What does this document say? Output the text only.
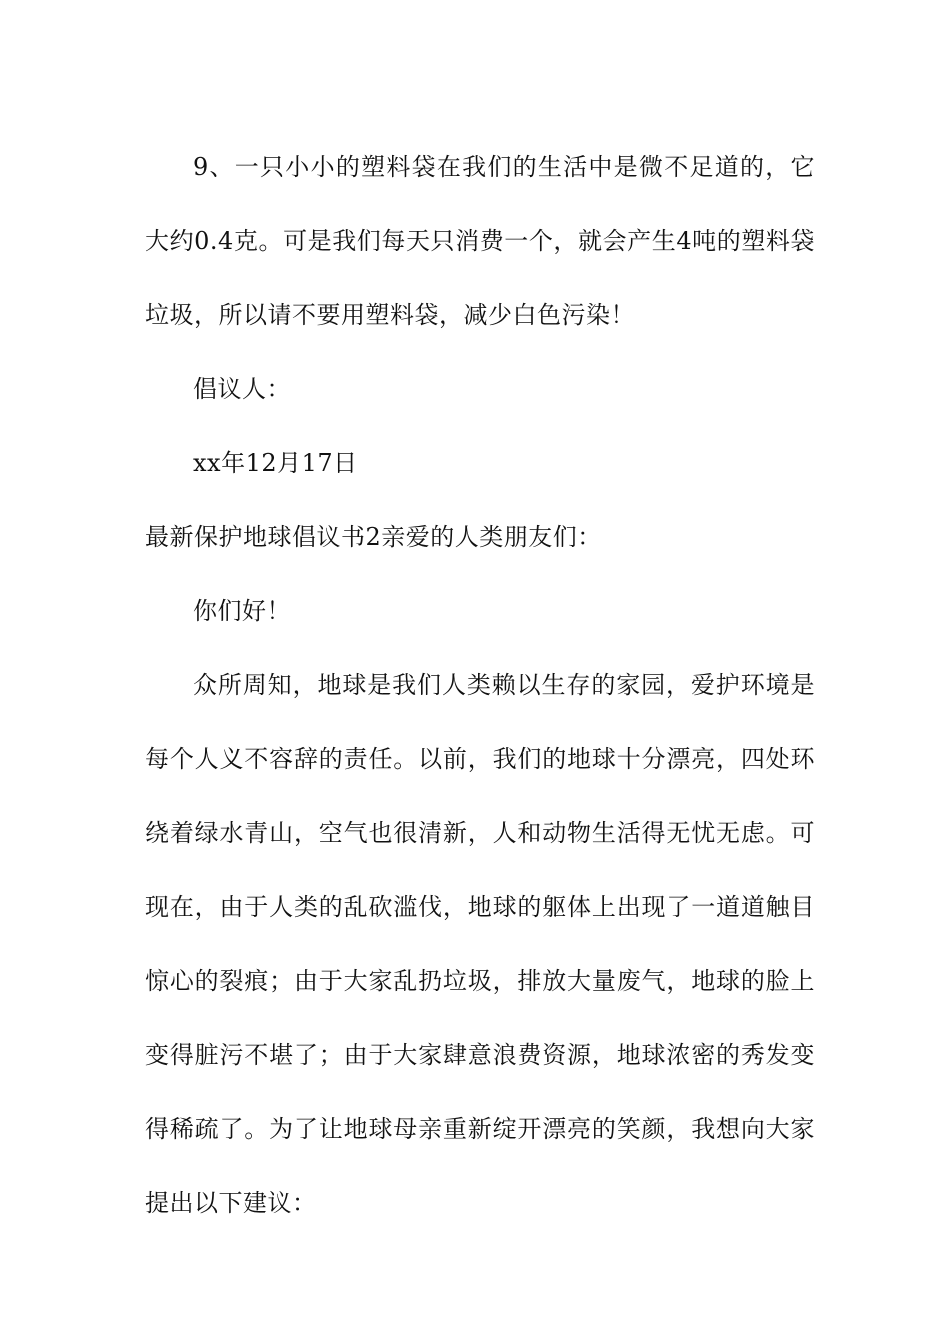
9、一只小小的塑料袋在我们的生活中是微不足道的，它大约0.4克。可是我们每天只消费一个，就会产生4吨的塑料袋垃圾，所以请不要用塑料袋，减少白色污染！

倡议人：

xx年12月17日

最新保护地球倡议书2亲爱的人类朋友们：

你们好！

众所周知，地球是我们人类赖以生存的家园，爱护环境是每个人义不容辞的责任。以前，我们的地球十分漂亮，四处环绕着绿水青山，空气也很清新，人和动物生活得无忧无虑。可现在，由于人类的乱砍滥伐，地球的躯体上出现了一道道触目惊心的裂痕；由于大家乱扔垃圾，排放大量废气，地球的脸上变得脏污不堪了；由于大家肆意浪费资源，地球浓密的秀发变得稀疏了。为了让地球母亲重新绽开漂亮的笑颜，我想向大家提出以下建议：
